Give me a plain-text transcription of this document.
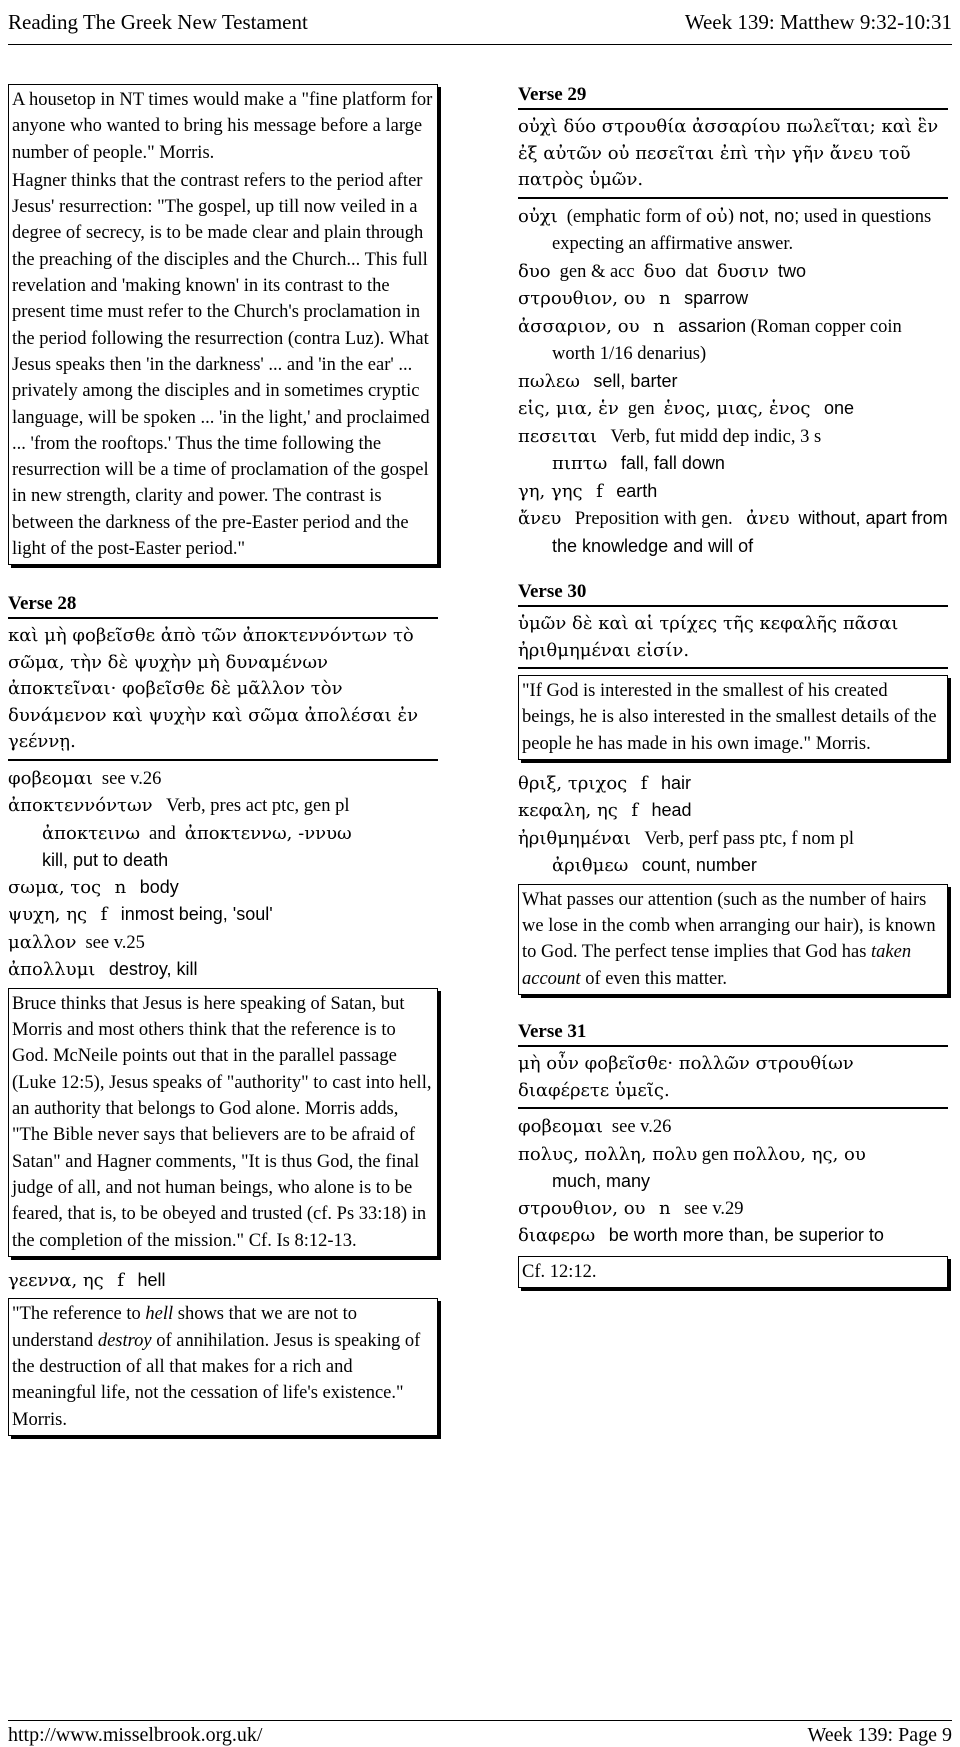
Reading The Greek New Testament	Week 139: Matthew 9:32-10:31
A housetop in NT times would make a "fine platform for anyone who wanted to bring his message before a large number of people." Morris.
Hagner thinks that the contrast refers to the period after Jesus' resurrection: "The gospel, up till now veiled in a degree of secrecy, is to be made clear and plain through the preaching of the disciples and the Church... This full revelation and 'making known' in its contrast to the present time must refer to the Church's proclamation in the period following the resurrection (contra Luz). What Jesus speaks then 'in the darkness' ... and 'in the ear' ... privately among the disciples and in sometimes cryptic language, will be spoken ... 'in the light,' and proclaimed ... 'from the rooftops.' Thus the time following the resurrection will be a time of proclamation of the gospel in new strength, clarity and power. The contrast is between the darkness of the pre-Easter period and the light of the post-Easter period."
Verse 28
καὶ μὴ φοβεῖσθε ἀπὸ τῶν ἀποκτεννόντων τὸ σῶμα, τὴν δὲ ψυχὴν μὴ δυναμένων ἀποκτεῖναι· φοβεῖσθε δὲ μᾶλλον τὸν δυνάμενον καὶ ψυχὴν καὶ σῶμα ἀπολέσαι ἐν γεέννῃ.
φοβεομαι see v.26
ἀποκτεννόντων Verb, pres act ptc, gen pl
ἀποκτεινω and ἀποκτεννω, -ννυω
kill, put to death
σωμα, τος n body
ψυχη, ης f inmost being, 'soul'
μαλλον see v.25
ἀπολλυμι destroy, kill
Bruce thinks that Jesus is here speaking of Satan, but Morris and most others think that the reference is to God. McNeile points out that in the parallel passage (Luke 12:5), Jesus speaks of "authority" to cast into hell, an authority that belongs to God alone. Morris adds, "The Bible never says that believers are to be afraid of Satan" and Hagner comments, "It is thus God, the final judge of all, and not human beings, who alone is to be feared, that is, to be obeyed and trusted (cf. Ps 33:18) in the completion of the mission." Cf. Is 8:12-13.
γεεννα, ης f hell
"The reference to hell shows that we are not to understand destroy of annihilation. Jesus is speaking of the destruction of all that makes for a rich and meaningful life, not the cessation of life's existence." Morris.
Verse 29
οὐχὶ δύο στρουθία ἀσσαρίου πωλεῖται; καὶ ἓν ἐξ αὐτῶν οὐ πεσεῖται ἐπὶ τὴν γῆν ἄνευ τοῦ πατρὸς ὑμῶν.
οὐχι (emphatic form of οὐ) not, no; used in questions expecting an affirmative answer.
δυο gen & acc δυο dat δυσιν two
στρουθιον, ου n sparrow
ἀσσαριον, ου n assarion (Roman copper coin worth 1/16 denarius)
πωλεω sell, barter
εἱς, μια, ἑν gen ἑνος, μιας, ἑνος one
πεσειται Verb, fut midd dep indic, 3 s
πιπτω fall, fall down
γη, γης f earth
ἄνευ Preposition with gen. ἀνευ without, apart from the knowledge and will of
Verse 30
ὑμῶν δὲ καὶ αἱ τρίχες τῆς κεφαλῆς πᾶσαι ἠριθμημέναι εἰσίν.
"If God is interested in the smallest of his created beings, he is also interested in the smallest details of the people he has made in his own image." Morris.
θριξ, τριχος f hair
κεφαλη, ης f head
ἠριθμημέναι Verb, perf pass ptc, f nom pl
ἀριθμεω count, number
What passes our attention (such as the number of hairs we lose in the comb when arranging our hair), is known to God. The perfect tense implies that God has taken account of even this matter.
Verse 31
μὴ οὖν φοβεῖσθε· πολλῶν στρουθίων διαφέρετε ὑμεῖς.
φοβεομαι see v.26
πολυς, πολλη, πολυ gen πολλου, ης, ου
much, many
στρουθιον, ου n see v.29
διαφερω be worth more than, be superior to
Cf. 12:12.
http://www.misselbrook.org.uk/	Week 139: Page 9
